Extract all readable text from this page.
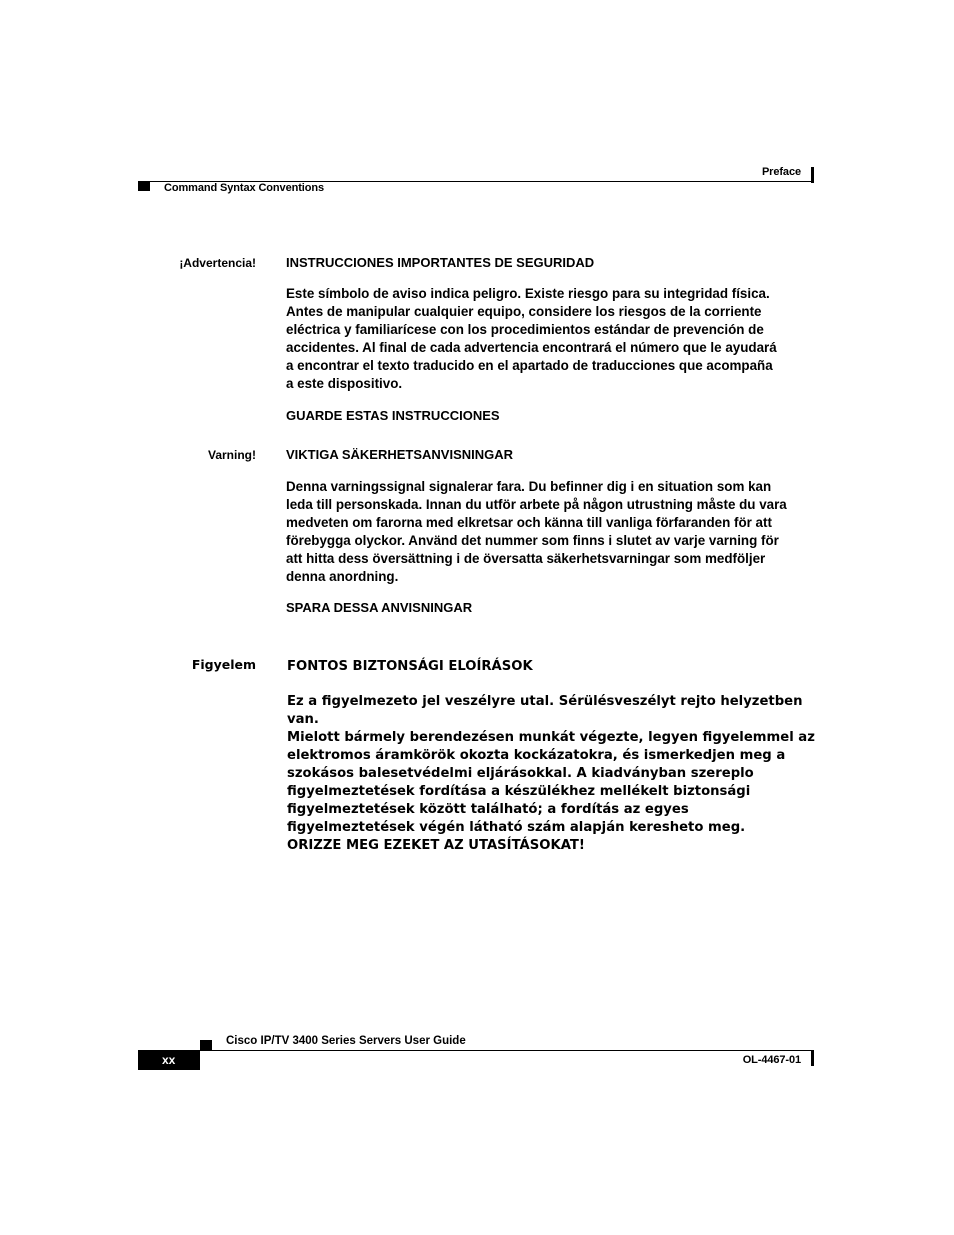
Preface
Command Syntax Conventions
¡Advertencia! INSTRUCCIONES IMPORTANTES DE SEGURIDAD
Este símbolo de aviso indica peligro. Existe riesgo para su integridad física.
Antes de manipular cualquier equipo, considere los riesgos de la corriente
eléctrica y familiarícese con los procedimientos estándar de prevención de
accidentes. Al final de cada advertencia encontrará el número que le ayudará
a encontrar el texto traducido en el apartado de traducciones que acompaña
a este dispositivo.
GUARDE ESTAS INSTRUCCIONES
Varning! VIKTIGA SÄKERHETSANVISNINGAR
Denna varningssignal signalerar fara. Du befinner dig i en situation som kan
leda till personskada. Innan du utför arbete på någon utrustning måste du vara
medveten om farorna med elkretsar och känna till vanliga förfaranden för att
förebygga olyckor. Använd det nummer som finns i slutet av varje varning för
att hitta dess översättning i de översatta säkerhetsvarningar som medföljer
denna anordning.
SPARA DESSA ANVISNINGAR
Figyelem FONTOS BIZTONSÁGI ELOÍRÁSOK
Ez a figyelmezeto jel veszélyre utal. Sérülésveszélyt rejto helyzetben van.
Mielott bármely berendezésen munkát végezte, legyen figyelemmel az
elektromos áramkörök okozta kockázatokra, és ismerkedjen meg a
szokásos balesetvédelmi eljárásokkal. A kiadványban szereplo
figyelmeztetések fordítása a készülékhez mellékelt biztonsági
figyelmeztetések között található; a fordítás az egyes
figyelmeztetések végén látható szám alapján keresheto meg.
ORIZZE MEG EZEKET AZ UTASÍTÁSOKAT!
Cisco IP/TV 3400 Series Servers User Guide
xx	OL-4467-01
